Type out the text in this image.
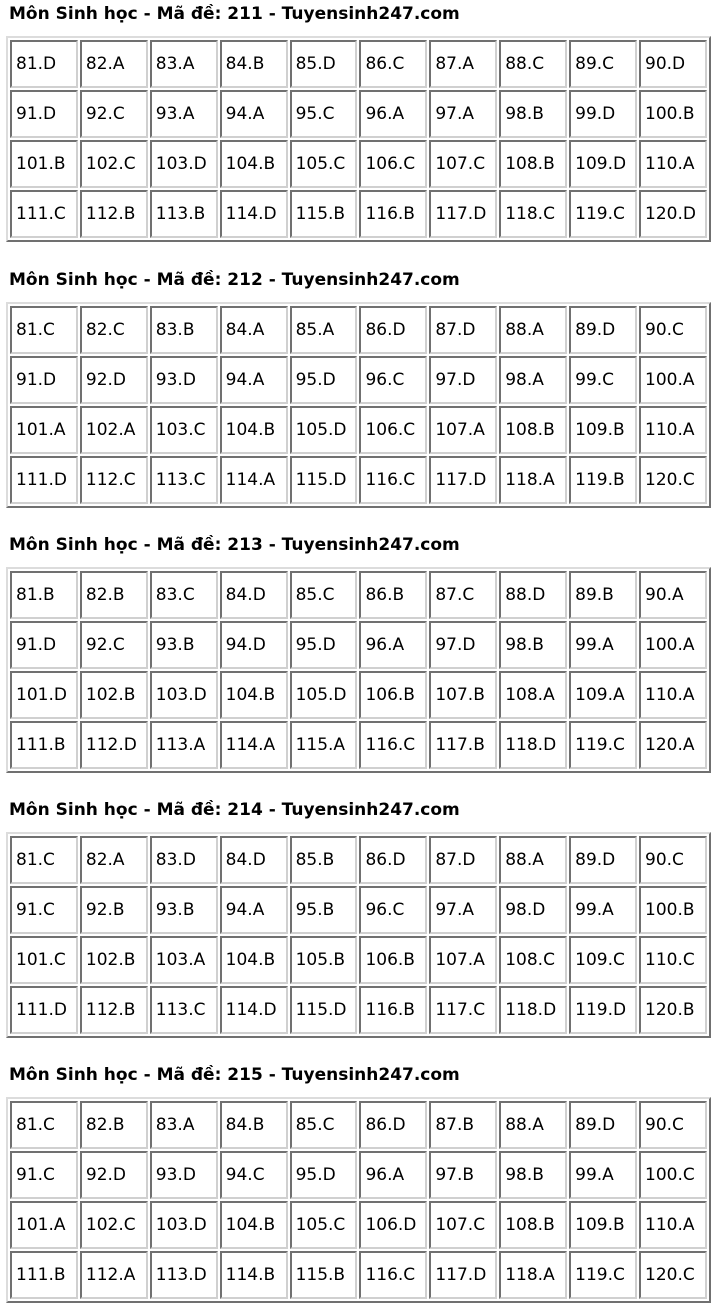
Môn Sinh học - Mã đề: 211 - Tuyensinh247.com
81.D	82.A	83.A	84.B	85.D	86.C	87.A	88.C	89.C	90.D
91.D	92.C	93.A	94.A	95.C	96.A	97.A	98.B	99.D	100.B
101.B	102.C	103.D	104.B	105.C	106.C	107.C	108.B	109.D	110.A
111.C	112.B	113.B	114.D	115.B	116.B	117.D	118.C	119.C	120.D
Môn Sinh học - Mã đề: 212 - Tuyensinh247.com
81.C	82.C	83.B	84.A	85.A	86.D	87.D	88.A	89.D	90.C
91.D	92.D	93.D	94.A	95.D	96.C	97.D	98.A	99.C	100.A
101.A	102.A	103.C	104.B	105.D	106.C	107.A	108.B	109.B	110.A
111.D	112.C	113.C	114.A	115.D	116.C	117.D	118.A	119.B	120.C
Môn Sinh học - Mã đề: 213 - Tuyensinh247.com
81.B	82.B	83.C	84.D	85.C	86.B	87.C	88.D	89.B	90.A
91.D	92.C	93.B	94.D	95.D	96.A	97.D	98.B	99.A	100.A
101.D	102.B	103.D	104.B	105.D	106.B	107.B	108.A	109.A	110.A
111.B	112.D	113.A	114.A	115.A	116.C	117.B	118.D	119.C	120.A
Môn Sinh học - Mã đề: 214 - Tuyensinh247.com
81.C	82.A	83.D	84.D	85.B	86.D	87.D	88.A	89.D	90.C
91.C	92.B	93.B	94.A	95.B	96.C	97.A	98.D	99.A	100.B
101.C	102.B	103.A	104.B	105.B	106.B	107.A	108.C	109.C	110.C
111.D	112.B	113.C	114.D	115.D	116.B	117.C	118.D	119.D	120.B
Môn Sinh học - Mã đề: 215 - Tuyensinh247.com
81.C	82.B	83.A	84.B	85.C	86.D	87.B	88.A	89.D	90.C
91.C	92.D	93.D	94.C	95.D	96.A	97.B	98.B	99.A	100.C
101.A	102.C	103.D	104.B	105.C	106.D	107.C	108.B	109.B	110.A
111.B	112.A	113.D	114.B	115.B	116.C	117.D	118.A	119.C	120.C
